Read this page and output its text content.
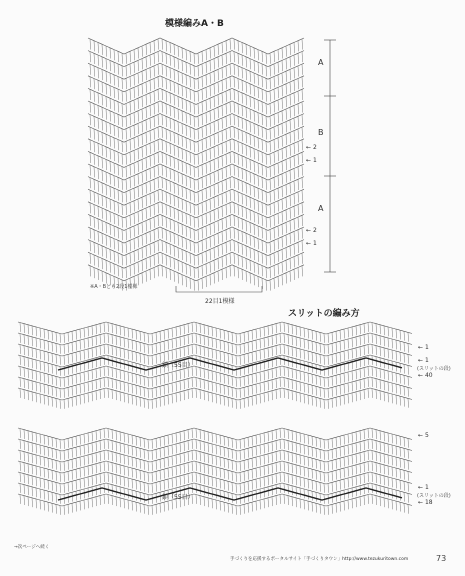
模様編みA・B
A
B
A
← 2
← 1
← 2
← 1
※A・Bとも2段1模様
22目1模様
スリットの編み方
← 1
← 1
(スリットの段)
← 40
鎖（55目）
← 5
← 1
(スリットの段)
← 18
鎖（55目）
→次ページへ続く
手づくりを応援するポータルサイト「手づくりタウン」http://www.tezukuritown.com	73
